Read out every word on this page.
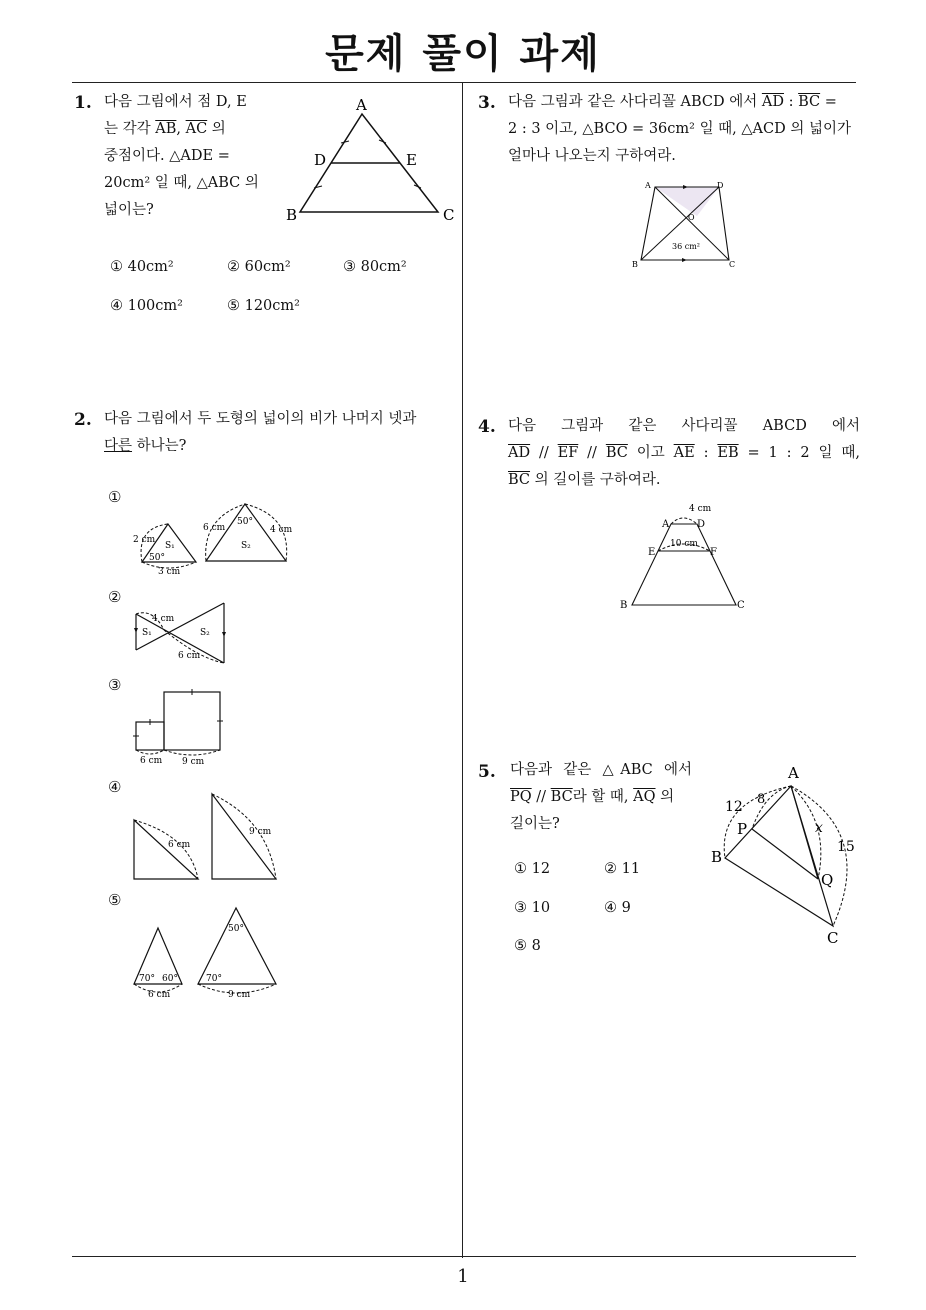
문제 풀이 과제
1
1. 다음 그림에서 점 D, E
는 각각 $\overline{AB}$, $\overline{AC}$ 의
중점이다. △ADE =
20cm² 일 때, △ABC 의
넓이는?
A
D	E
B	C
① 40cm²	② 60cm²	③ 80cm²
④ 100cm²	⑤ 120cm²
2. 다음 그림에서 두 도형의 넓이의 비가 나머지 넷과
다른 하나는?
①
2 cm
S₁
50°
3 cm
6 cm
50°
4 cm
S₂
②
4 cm
S₁	S₂
6 cm
③
6 cm 9 cm
④
6 cm
9 cm
⑤
70° 60°
6 cm
50°
70°
9 cm
3. 다음 그림과 같은 사다리꼴 ABCD 에서 $\overline{AD}$ : $\overline{BC}$ =
2 : 3 이고, △BCO = 36cm² 일 때, △ACD 의 넓이가
얼마나 나오는지 구하여라.
A	D
O
B	C
36 cm²
4. 다음 그림과 같은 사다리꼴 ABCD 에서
$\overline{AD} // \overline{EF} // \overline{BC}$ 이고 $\overline{AE}$ : $\overline{EB} = 1$ : 2 일 때,
$\overline{BC}$ 의 길이를 구하여라.
4 cm
A	D
E	F
10 cm
B	C
5. 다음과 같은 △ABC 에서
$\overline{PQ} // \overline{BC}$라 할 때, $\overline{AQ}$ 의
길이는?
① 12	② 11
③ 10	④ 9
⑤ 8
A
P
B
Q
C
12 8
x
15
